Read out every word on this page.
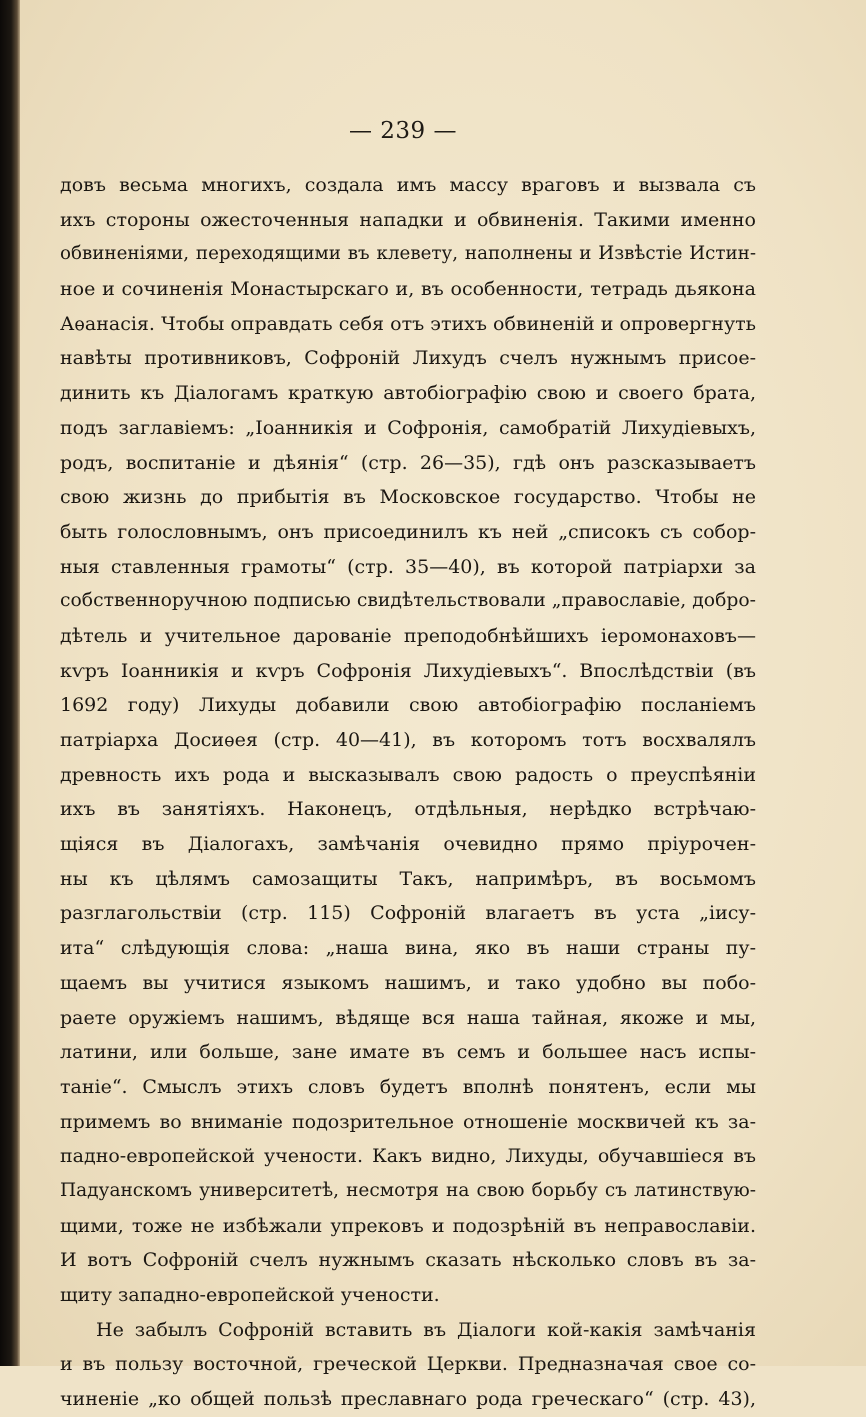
— 239 —
довъ весьма многихъ, создала имъ массу враговъ и вызвала съ
ихъ стороны ожесточенныя нападки и обвиненія. Такими именно
обвиненіями, переходящими въ клевету, наполнены и Извѣстіе Истин-
ное и сочиненія Монастырскаго и, въ особенности, тетрадь дьякона
Аѳанасія. Чтобы оправдать себя отъ этихъ обвиненій и опровергнуть
навѣты противниковъ, Софроній Лихудъ счелъ нужнымъ присое-
динить къ Діалогамъ краткую автобіографію свою и своего брата,
подъ заглавіемъ: „Іоанникія и Софронія, самобратій Лихудіевыхъ,
родъ, воспитаніе и дѣянія“ (стр. 26—35), гдѣ онъ разсказываетъ
свою жизнь до прибытія въ Московское государство. Чтобы не
быть голословнымъ, онъ присоединилъ къ ней „списокъ съ собор-
ныя ставленныя грамоты“ (стр. 35—40), въ которой патріархи за
собственноручною подписью свидѣтельствовали „православіе, добро-
дѣтель и учительное дарованіе преподобнѣйшихъ іеромонаховъ—
кѵръ Іоанникія и кѵръ Софронія Лихудіевыхъ“. Впослѣдствіи (въ
1692 году) Лихуды добавили свою автобіографію посланіемъ
патріарха Досиѳея (стр. 40—41), въ которомъ тотъ восхвалялъ
древность ихъ рода и высказывалъ свою радость о преуспѣяніи
ихъ въ занятіяхъ. Наконецъ, отдѣльныя, нерѣдко встрѣчаю-
щіяся въ Діалогахъ, замѣчанія очевидно прямо пріурочен-
ны къ цѣлямъ самозащиты Такъ, напримѣръ, въ восьмомъ
разглагольствіи (стр. 115) Софроній влагаетъ въ уста „іису-
ита“ слѣдующія слова: „наша вина, яко въ наши страны пу-
щаемъ вы учитися языкомъ нашимъ, и тако удобно вы побо-
раете оружіемъ нашимъ, вѣдяще вся наша тайная, якоже и мы,
латини, или больше, зане имате въ семъ и большее насъ испы-
таніе“. Смыслъ этихъ словъ будетъ вполнѣ понятенъ, если мы
примемъ во вниманіе подозрительное отношеніе москвичей къ за-
падно-европейской учености. Какъ видно, Лихуды, обучавшіеся въ
Падуанскомъ университетѣ, несмотря на свою борьбу съ латинствую-
щими, тоже не избѣжали упрековъ и подозрѣній въ неправославіи.
И вотъ Софроній счелъ нужнымъ сказать нѣсколько словъ въ за-
щиту западно-европейской учености.
Не забылъ Софроній вставить въ Діалоги кой-какія замѣчанія
и въ пользу восточной, греческой Церкви. Предназначая свое со-
чиненіе „ко общей пользѣ преславнаго рода греческаго“ (стр. 43),
